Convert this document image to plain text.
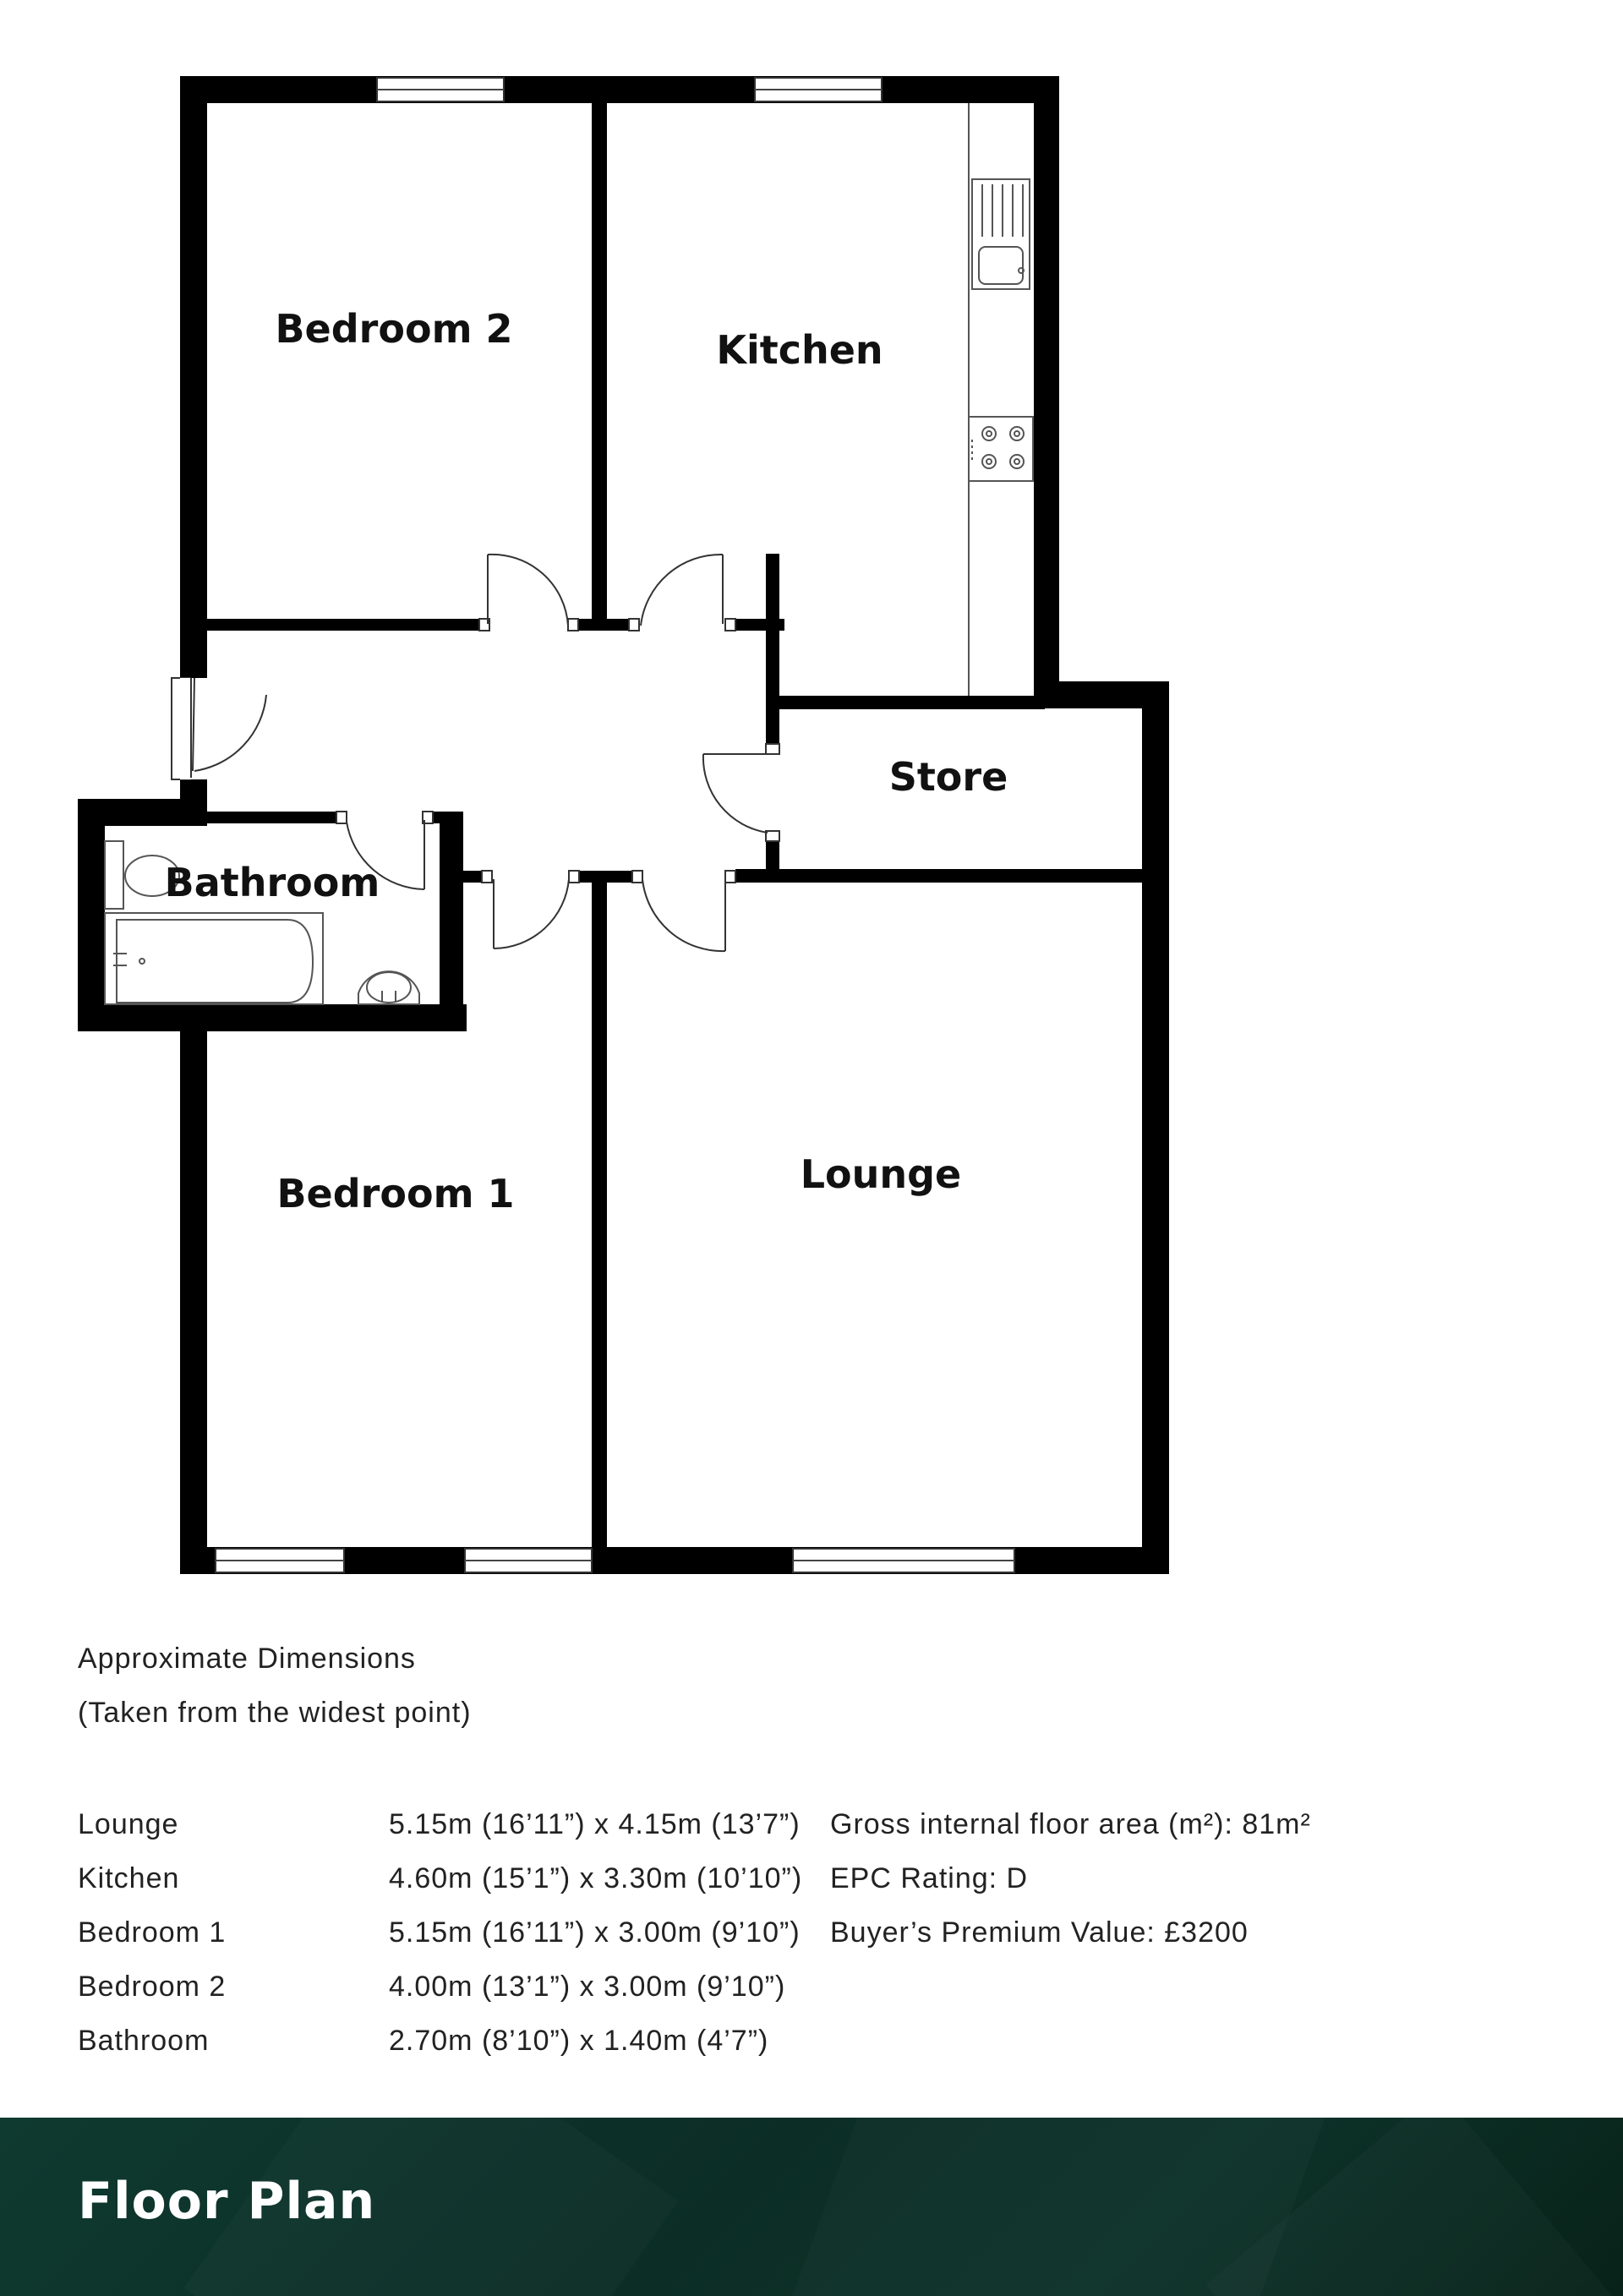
Bedroom 2	Kitchen
Store
Bathroom
Bedroom 1	Lounge
Approximate Dimensions
(Taken from the widest point)
Lounge	5.15m (16’11”) x 4.15m (13’7”)
Kitchen	4.60m (15’1”) x 3.30m (10’10”)
Bedroom 1	5.15m (16’11”) x 3.00m (9’10”)
Bedroom 2	4.00m (13’1”) x 3.00m (9’10”)
Bathroom	2.70m (8’10”) x 1.40m (4’7”)
Gross internal floor area (m²): 81m²
EPC Rating: D
Buyer’s Premium Value: £3200
Floor Plan
